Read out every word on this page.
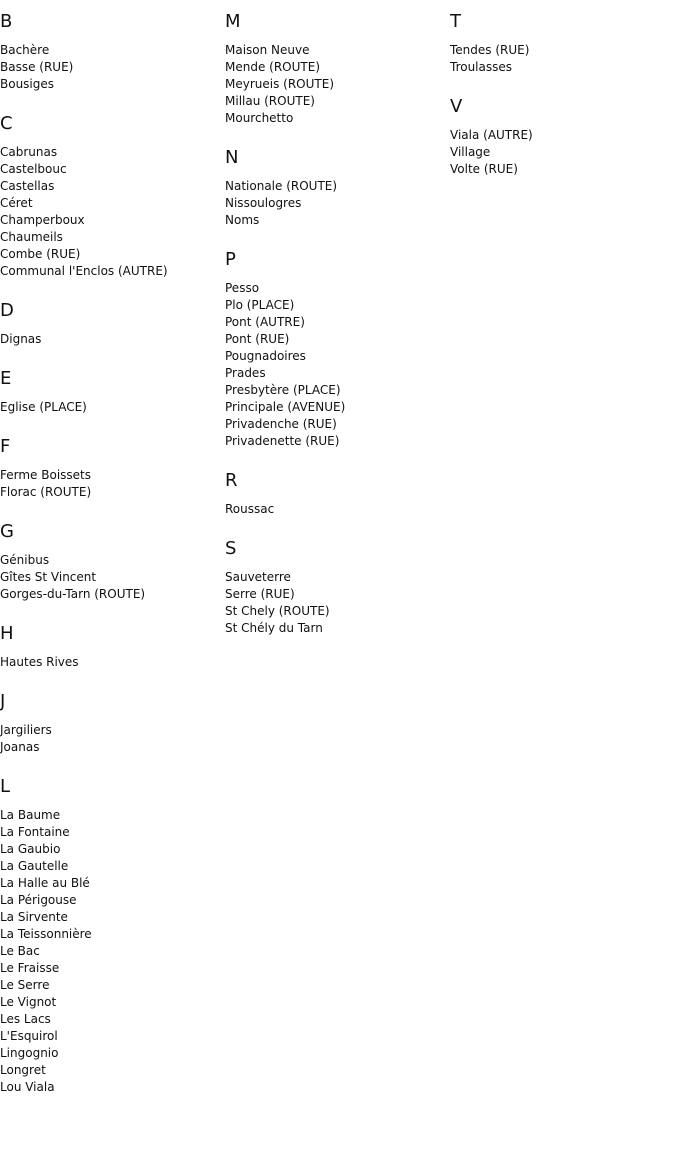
B
Bachère
Basse (RUE)
Bousiges
C
Cabrunas
Castelbouc
Castellas
Céret
Champerboux
Chaumeils
Combe (RUE)
Communal l'Enclos (AUTRE)
D
Dignas
E
Eglise (PLACE)
F
Ferme Boissets
Florac (ROUTE)
G
Génibus
Gîtes St Vincent
Gorges-du-Tarn (ROUTE)
H
Hautes Rives
J
Jargiliers
Joanas
L
La Baume
La Fontaine
La Gaubio
La Gautelle
La Halle au Blé
La Périgouse
La Sirvente
La Teissonnière
Le Bac
Le Fraisse
Le Serre
Le Vignot
Les Lacs
L'Esquirol
Lingognio
Longret
Lou Viala
M
Maison Neuve
Mende (ROUTE)
Meyrueis (ROUTE)
Millau (ROUTE)
Mourchetto
N
Nationale (ROUTE)
Nissoulogres
Noms
P
Pesso
Plo (PLACE)
Pont (AUTRE)
Pont (RUE)
Pougnadoires
Prades
Presbytère (PLACE)
Principale (AVENUE)
Privadenche (RUE)
Privadenette (RUE)
R
Roussac
S
Sauveterre
Serre (RUE)
St Chely (ROUTE)
St Chély du Tarn
T
Tendes (RUE)
Troulasses
V
Viala (AUTRE)
Village
Volte (RUE)
